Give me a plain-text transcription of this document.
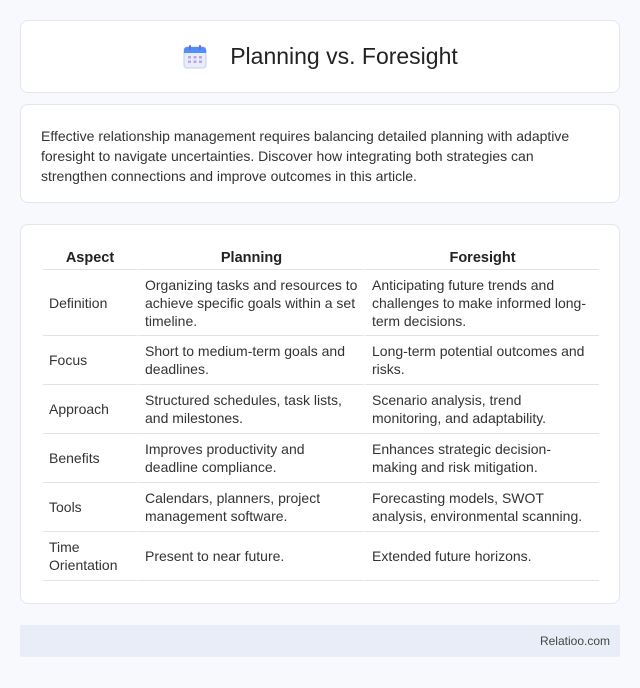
Planning vs. Foresight

Effective relationship management requires balancing detailed planning with adaptive foresight to navigate uncertainties. Discover how integrating both strategies can strengthen connections and improve outcomes in this article.

Aspect	Planning	Foresight
Definition	Organizing tasks and resources to achieve specific goals within a set timeline.	Anticipating future trends and challenges to make informed long-term decisions.
Focus	Short to medium-term goals and deadlines.	Long-term potential outcomes and risks.
Approach	Structured schedules, task lists, and milestones.	Scenario analysis, trend monitoring, and adaptability.
Benefits	Improves productivity and deadline compliance.	Enhances strategic decision-making and risk mitigation.
Tools	Calendars, planners, project management software.	Forecasting models, SWOT analysis, environmental scanning.
Time Orientation	Present to near future.	Extended future horizons.
Relatioo.com
